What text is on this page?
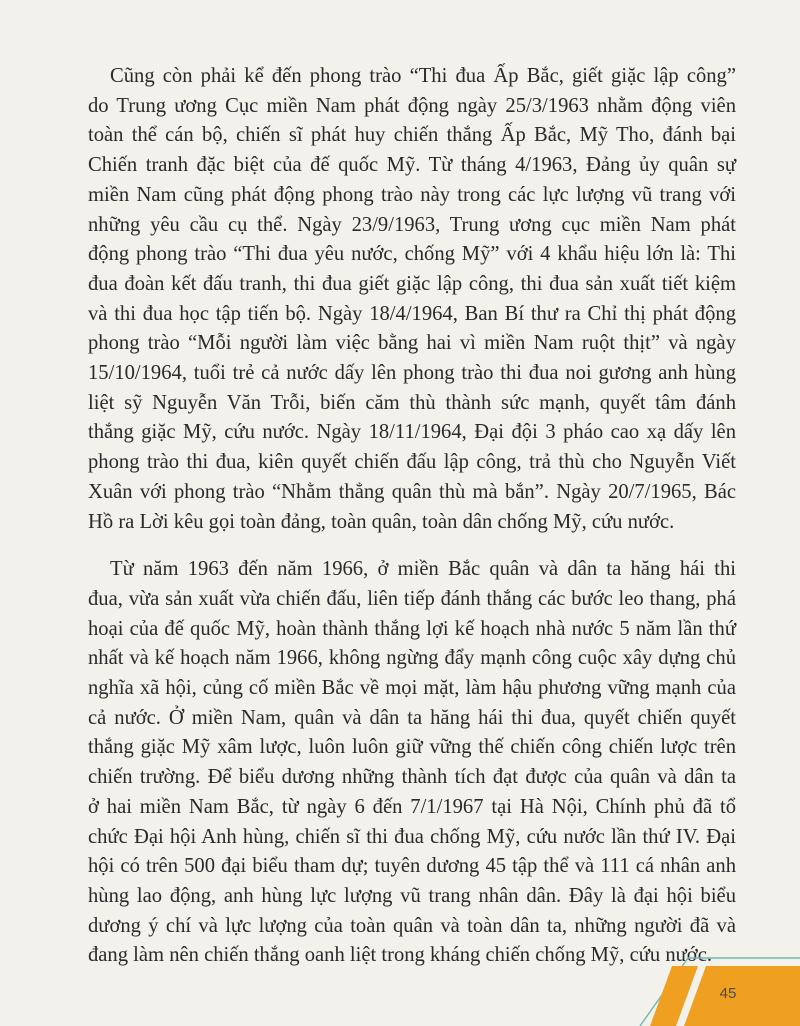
Cũng còn phải kể đến phong trào “Thi đua Ấp Bắc, giết giặc lập công”
do Trung ương Cục miền Nam phát động ngày 25/3/1963 nhằm động viên
toàn thể cán bộ, chiến sĩ phát huy chiến thắng Ấp Bắc, Mỹ Tho, đánh bại
Chiến tranh đặc biệt của đế quốc Mỹ. Từ tháng 4/1963, Đảng ủy quân sự
miền Nam cũng phát động phong trào này trong các lực lượng vũ trang với
những yêu cầu cụ thể. Ngày 23/9/1963, Trung ương cục miền Nam phát
động phong trào “Thi đua yêu nước, chống Mỹ” với 4 khẩu hiệu lớn là: Thi
đua đoàn kết đấu tranh, thi đua giết giặc lập công, thi đua sản xuất tiết kiệm
và thi đua học tập tiến bộ. Ngày 18/4/1964, Ban Bí thư ra Chỉ thị phát động
phong trào “Mỗi người làm việc bằng hai vì miền Nam ruột thịt” và ngày
15/10/1964, tuổi trẻ cả nước dấy lên phong trào thi đua noi gương anh hùng
liệt sỹ Nguyễn Văn Trỗi, biến căm thù thành sức mạnh, quyết tâm đánh
thắng giặc Mỹ, cứu nước. Ngày 18/11/1964, Đại đội 3 pháo cao xạ dấy lên
phong trào thi đua, kiên quyết chiến đấu lập công, trả thù cho Nguyễn Viết
Xuân với phong trào “Nhằm thẳng quân thù mà bắn”. Ngày 20/7/1965, Bác
Hồ ra Lời kêu gọi toàn đảng, toàn quân, toàn dân chống Mỹ, cứu nước.
Từ năm 1963 đến năm 1966, ở miền Bắc quân và dân ta hăng hái thi
đua, vừa sản xuất vừa chiến đấu, liên tiếp đánh thắng các bước leo thang, phá
hoại của đế quốc Mỹ, hoàn thành thắng lợi kế hoạch nhà nước 5 năm lần thứ
nhất và kế hoạch năm 1966, không ngừng đẩy mạnh công cuộc xây dựng chủ
nghĩa xã hội, củng cố miền Bắc về mọi mặt, làm hậu phương vững mạnh của
cả nước. Ở miền Nam, quân và dân ta hăng hái thi đua, quyết chiến quyết
thắng giặc Mỹ xâm lược, luôn luôn giữ vững thế chiến công chiến lược trên
chiến trường. Để biểu dương những thành tích đạt được của quân và dân ta
ở hai miền Nam Bắc, từ ngày 6 đến 7/1/1967 tại Hà Nội, Chính phủ đã tổ
chức Đại hội Anh hùng, chiến sĩ thi đua chống Mỹ, cứu nước lần thứ IV. Đại
hội có trên 500 đại biểu tham dự; tuyên dương 45 tập thể và 111 cá nhân anh
hùng lao động, anh hùng lực lượng vũ trang nhân dân. Đây là đại hội biểu
dương ý chí và lực lượng của toàn quân và toàn dân ta, những người đã và
đang làm nên chiến thắng oanh liệt trong kháng chiến chống Mỹ, cứu nước.
45
